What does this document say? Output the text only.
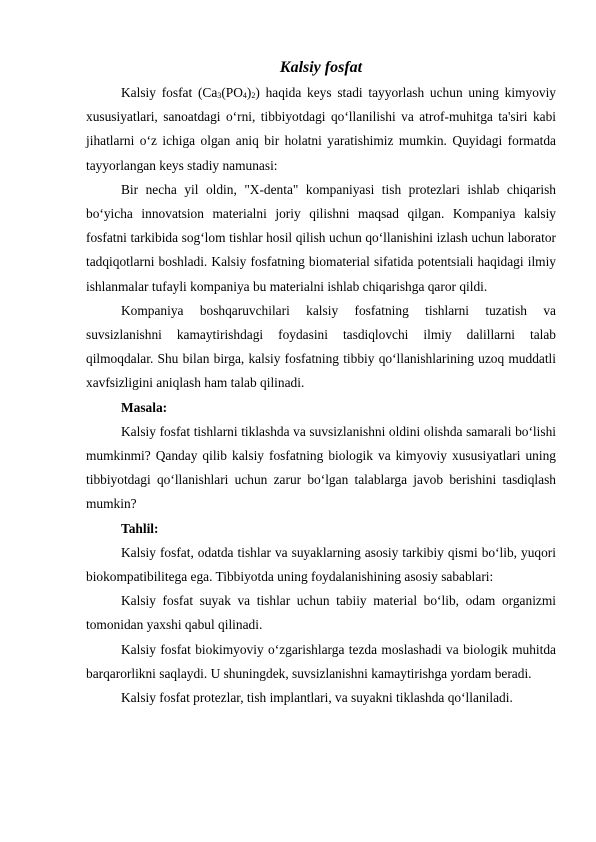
Kalsiy fosfat

Kalsiy fosfat $(Ca_3(PO_4)_2)$ haqida keys stadi tayyorlash uchun uning kimyoviy xususiyatlari, sanoatdagi o‘rni, tibbiyotdagi qo‘llanilishi va atrof-muhitga ta'siri kabi jihatlarni o‘z ichiga olgan aniq bir holatni yaratishimiz mumkin. Quyidagi formatda tayyorlangan keys stadiy namunasi:

Bir necha yil oldin, "X-denta" kompaniyasi tish protezlari ishlab chiqarish bo‘yicha innovatsion materialni joriy qilishni maqsad qilgan. Kompaniya kalsiy fosfatni tarkibida sog‘lom tishlar hosil qilish uchun qo‘llanishini izlash uchun laborator tadqiqotlarni boshladi. Kalsiy fosfatning biomaterial sifatida potentsiali haqidagi ilmiy ishlanmalar tufayli kompaniya bu materialni ishlab chiqarishga qaror qildi.

Kompaniya boshqaruvchilari kalsiy fosfatning tishlarni tuzatish va suvsizlanishni kamaytirishdagi foydasini tasdiqlovchi ilmiy dalillarni talab qilmoqdalar. Shu bilan birga, kalsiy fosfatning tibbiy qo‘llanishlarining uzoq muddatli xavfsizligini aniqlash ham talab qilinadi.

Masala:

Kalsiy fosfat tishlarni tiklashda va suvsizlanishni oldini olishda samarali bo‘lishi mumkinmi? Qanday qilib kalsiy fosfatning biologik va kimyoviy xususiyatlari uning tibbiyotdagi qo‘llanishlari uchun zarur bo‘lgan talablarga javob berishini tasdiqlash mumkin?

Tahlil:

Kalsiy fosfat, odatda tishlar va suyaklarning asosiy tarkibiy qismi bo‘lib, yuqori biokompatibilitega ega. Tibbiyotda uning foydalanishining asosiy sabablari:

Kalsiy fosfat suyak va tishlar uchun tabiiy material bo‘lib, odam organizmi tomonidan yaxshi qabul qilinadi.

Kalsiy fosfat biokimyoviy o‘zgarishlarga tezda moslashadi va biologik muhitda barqarorlikni saqlaydi. U shuningdek, suvsizlanishni kamaytirishga yordam beradi.

Kalsiy fosfat protezlar, tish implantlari, va suyakni tiklashda qo‘llaniladi.
